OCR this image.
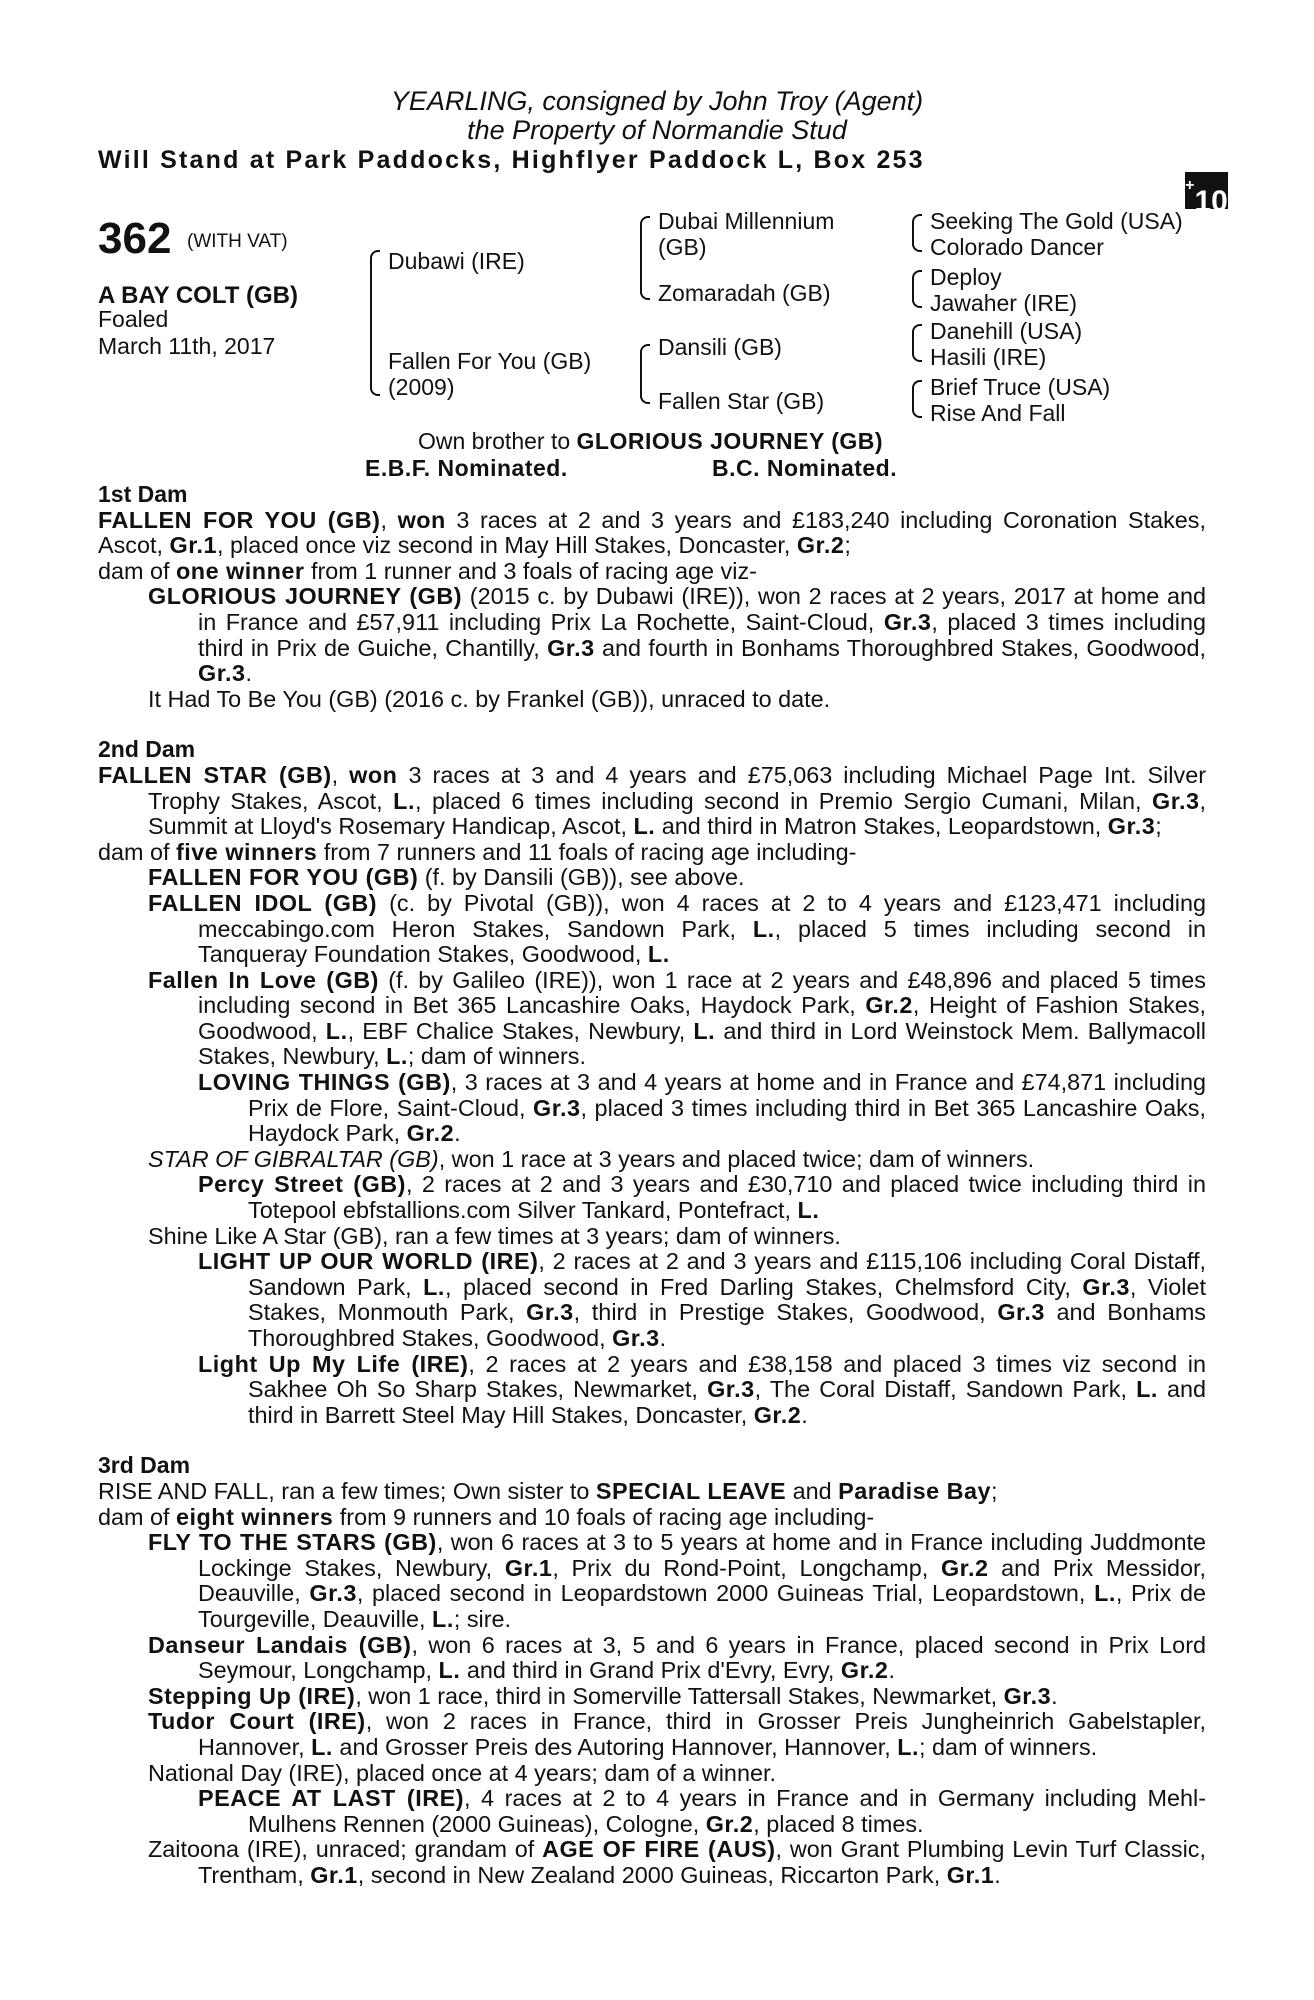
YEARLING, consigned by John Troy (Agent)
the Property of Normandie Stud
Will Stand at Park Paddocks, Highflyer Paddock L, Box 253
+10
362 (WITH VAT)
A BAY COLT (GB)
Foaled
March 11th, 2017
Dubawi (IRE)
Fallen For You (GB)
(2009)
Dubai Millennium
(GB)
Zomaradah (GB)
Dansili (GB)
Fallen Star (GB)
Seeking The Gold (USA)
Colorado Dancer
Deploy
Jawaher (IRE)
Danehill (USA)
Hasili (IRE)
Brief Truce (USA)
Rise And Fall
Own brother to GLORIOUS JOURNEY (GB)
E.B.F. Nominated.	B.C. Nominated.

1st Dam

FALLEN FOR YOU (GB), won 3 races at 2 and 3 years and £183,240 including Coronation Stakes, Ascot, Gr.1, placed once viz second in May Hill Stakes, Doncaster, Gr.2;

dam of one winner from 1 runner and 3 foals of racing age viz-

GLORIOUS JOURNEY (GB) (2015 c. by Dubawi (IRE)), won 2 races at 2 years, 2017 at home and in France and £57,911 including Prix La Rochette, Saint-Cloud, Gr.3, placed 3 times including third in Prix de Guiche, Chantilly, Gr.3 and fourth in Bonhams Thoroughbred Stakes, Goodwood, Gr.3.

It Had To Be You (GB) (2016 c. by Frankel (GB)), unraced to date.

2nd Dam

FALLEN STAR (GB), won 3 races at 3 and 4 years and £75,063 including Michael Page Int. Silver Trophy Stakes, Ascot, L., placed 6 times including second in Premio Sergio Cumani, Milan, Gr.3, Summit at Lloyd's Rosemary Handicap, Ascot, L. and third in Matron Stakes, Leopardstown, Gr.3;

dam of five winners from 7 runners and 11 foals of racing age including-

FALLEN FOR YOU (GB) (f. by Dansili (GB)), see above.

FALLEN IDOL (GB) (c. by Pivotal (GB)), won 4 races at 2 to 4 years and £123,471 including meccabingo.com Heron Stakes, Sandown Park, L., placed 5 times including second in Tanqueray Foundation Stakes, Goodwood, L.

Fallen In Love (GB) (f. by Galileo (IRE)), won 1 race at 2 years and £48,896 and placed 5 times including second in Bet 365 Lancashire Oaks, Haydock Park, Gr.2, Height of Fashion Stakes, Goodwood, L., EBF Chalice Stakes, Newbury, L. and third in Lord Weinstock Mem. Ballymacoll Stakes, Newbury, L.; dam of winners.

LOVING THINGS (GB), 3 races at 3 and 4 years at home and in France and £74,871 including Prix de Flore, Saint-Cloud, Gr.3, placed 3 times including third in Bet 365 Lancashire Oaks, Haydock Park, Gr.2.

STAR OF GIBRALTAR (GB), won 1 race at 3 years and placed twice; dam of winners.

Percy Street (GB), 2 races at 2 and 3 years and £30,710 and placed twice including third in Totepool ebfstallions.com Silver Tankard, Pontefract, L.

Shine Like A Star (GB), ran a few times at 3 years; dam of winners.

LIGHT UP OUR WORLD (IRE), 2 races at 2 and 3 years and £115,106 including Coral Distaff, Sandown Park, L., placed second in Fred Darling Stakes, Chelmsford City, Gr.3, Violet Stakes, Monmouth Park, Gr.3, third in Prestige Stakes, Goodwood, Gr.3 and Bonhams Thoroughbred Stakes, Goodwood, Gr.3.

Light Up My Life (IRE), 2 races at 2 years and £38,158 and placed 3 times viz second in Sakhee Oh So Sharp Stakes, Newmarket, Gr.3, The Coral Distaff, Sandown Park, L. and third in Barrett Steel May Hill Stakes, Doncaster, Gr.2.

3rd Dam

RISE AND FALL, ran a few times; Own sister to SPECIAL LEAVE and Paradise Bay;

dam of eight winners from 9 runners and 10 foals of racing age including-

FLY TO THE STARS (GB), won 6 races at 3 to 5 years at home and in France including Juddmonte Lockinge Stakes, Newbury, Gr.1, Prix du Rond-Point, Longchamp, Gr.2 and Prix Messidor, Deauville, Gr.3, placed second in Leopardstown 2000 Guineas Trial, Leopardstown, L., Prix de Tourgeville, Deauville, L.; sire.

Danseur Landais (GB), won 6 races at 3, 5 and 6 years in France, placed second in Prix Lord Seymour, Longchamp, L. and third in Grand Prix d'Evry, Evry, Gr.2.

Stepping Up (IRE), won 1 race, third in Somerville Tattersall Stakes, Newmarket, Gr.3.

Tudor Court (IRE), won 2 races in France, third in Grosser Preis Jungheinrich Gabelstapler, Hannover, L. and Grosser Preis des Autoring Hannover, Hannover, L.; dam of winners.

National Day (IRE), placed once at 4 years; dam of a winner.

PEACE AT LAST (IRE), 4 races at 2 to 4 years in France and in Germany including Mehl-Mulhens Rennen (2000 Guineas), Cologne, Gr.2, placed 8 times.

Zaitoona (IRE), unraced; grandam of AGE OF FIRE (AUS), won Grant Plumbing Levin Turf Classic, Trentham, Gr.1, second in New Zealand 2000 Guineas, Riccarton Park, Gr.1.
